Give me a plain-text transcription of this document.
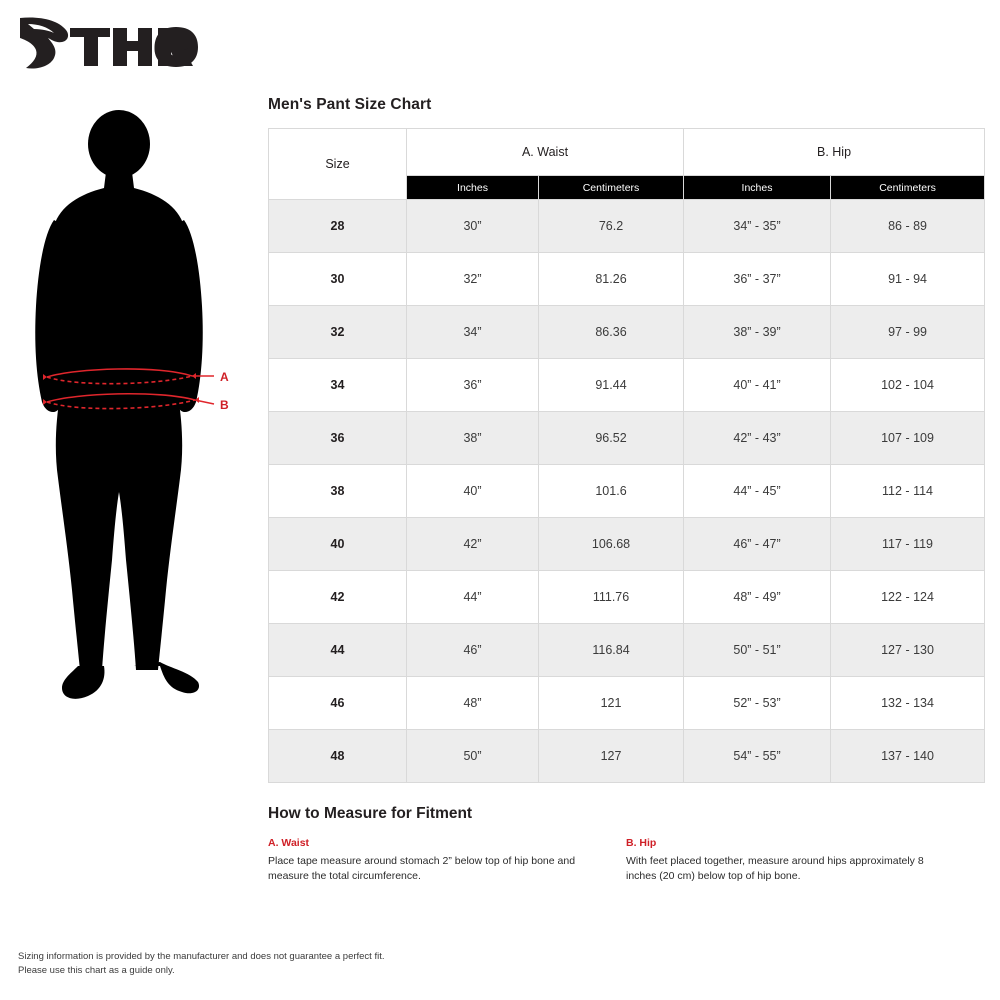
A
B
Men's Pant Size Chart
Size	A. Waist		B. Hip	
	Inches	Centimeters	Inches	Centimeters
28	30”	76.2	34” - 35”	86 - 89
30	32”	81.26	36” - 37”	91 - 94
32	34”	86.36	38” - 39”	97 - 99
34	36”	91.44	40” - 41”	102 - 104
36	38”	96.52	42” - 43”	107 - 109
38	40”	101.6	44” - 45”	112 - 114
40	42”	106.68	46” - 47”	117 - 119
42	44”	111.76	48” - 49”	122 - 124
44	46”	116.84	50” - 51”	127 - 130
46	48”	121	52” - 53”	132 - 134
48	50”	127	54” - 55”	137 - 140
How to Measure for Fitment
A. Waist

Place tape measure around stomach 2” below top of hip bone and measure the total circumference.

B. Hip

With feet placed together, measure around hips approximately 8 inches (20 cm) below top of hip bone.

Sizing information is provided by the manufacturer and does not guarantee a perfect fit.
Please use this chart as a guide only.
